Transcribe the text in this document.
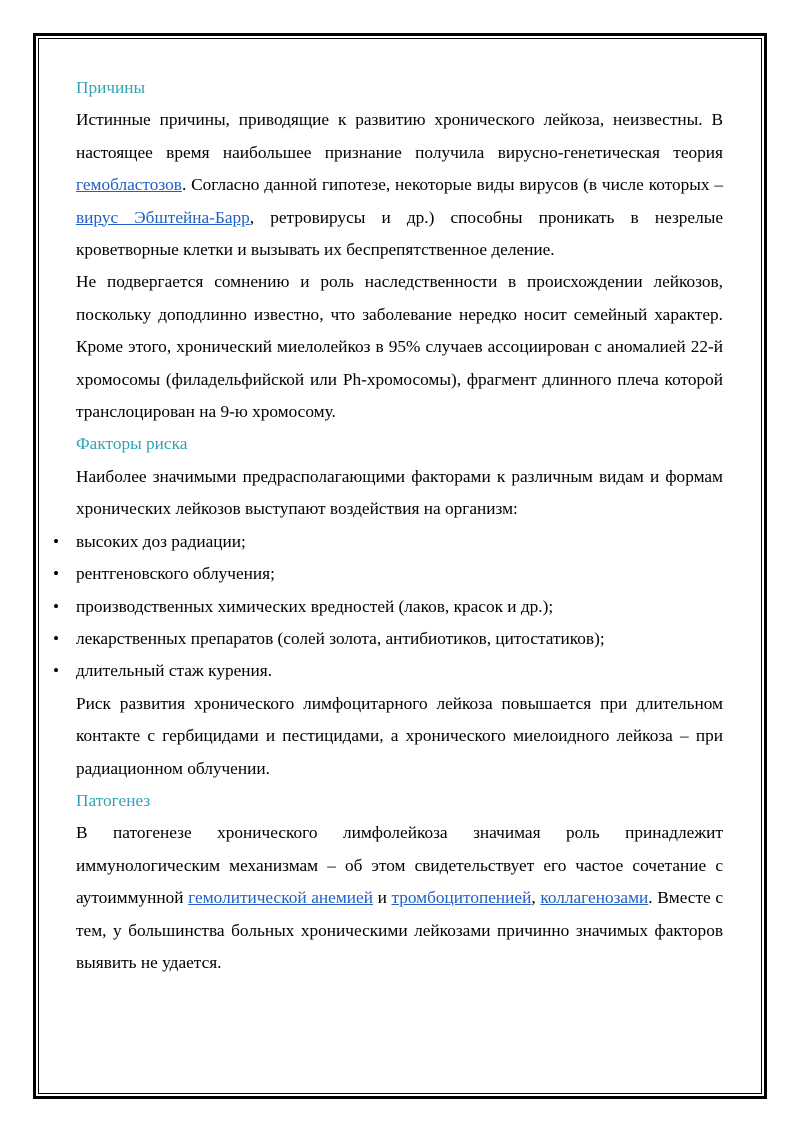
Причины

Истинные причины, приводящие к развитию хронического лейкоза, неизвестны. В настоящее время наибольшее признание получила вирусно-генетическая теория гемобластозов. Согласно данной гипотезе, некоторые виды вирусов (в числе которых – вирус Эбштейна-Барр, ретровирусы и др.) способны проникать в незрелые кроветворные клетки и вызывать их беспрепятственное деление.

Не подвергается сомнению и роль наследственности в происхождении лейкозов, поскольку доподлинно известно, что заболевание нередко носит семейный характер. Кроме этого, хронический миелолейкоз в 95% случаев ассоциирован с аномалией 22-й хромосомы (филадельфийской или Ph-хромосомы), фрагмент длинного плеча которой транслоцирован на 9-ю хромосому.

Факторы риска

Наиболее значимыми предрасполагающими факторами к различным видам и формам хронических лейкозов выступают воздействия на организм:

• высоких доз радиации;
• рентгеновского облучения;
• производственных химических вредностей (лаков, красок и др.);
• лекарственных препаратов (солей золота, антибиотиков, цитостатиков);
• длительный стаж курения.

Риск развития хронического лимфоцитарного лейкоза повышается при длительном контакте с гербицидами и пестицидами, а хронического миелоидного лейкоза – при радиационном облучении.

Патогенез

В патогенезе хронического лимфолейкоза значимая роль принадлежит иммунологическим механизмам – об этом свидетельствует его частое сочетание с аутоиммунной гемолитической анемией и тромбоцитопенией, коллагенозами. Вместе с тем, у большинства больных хроническими лейкозами причинно значимых факторов выявить не удается.
